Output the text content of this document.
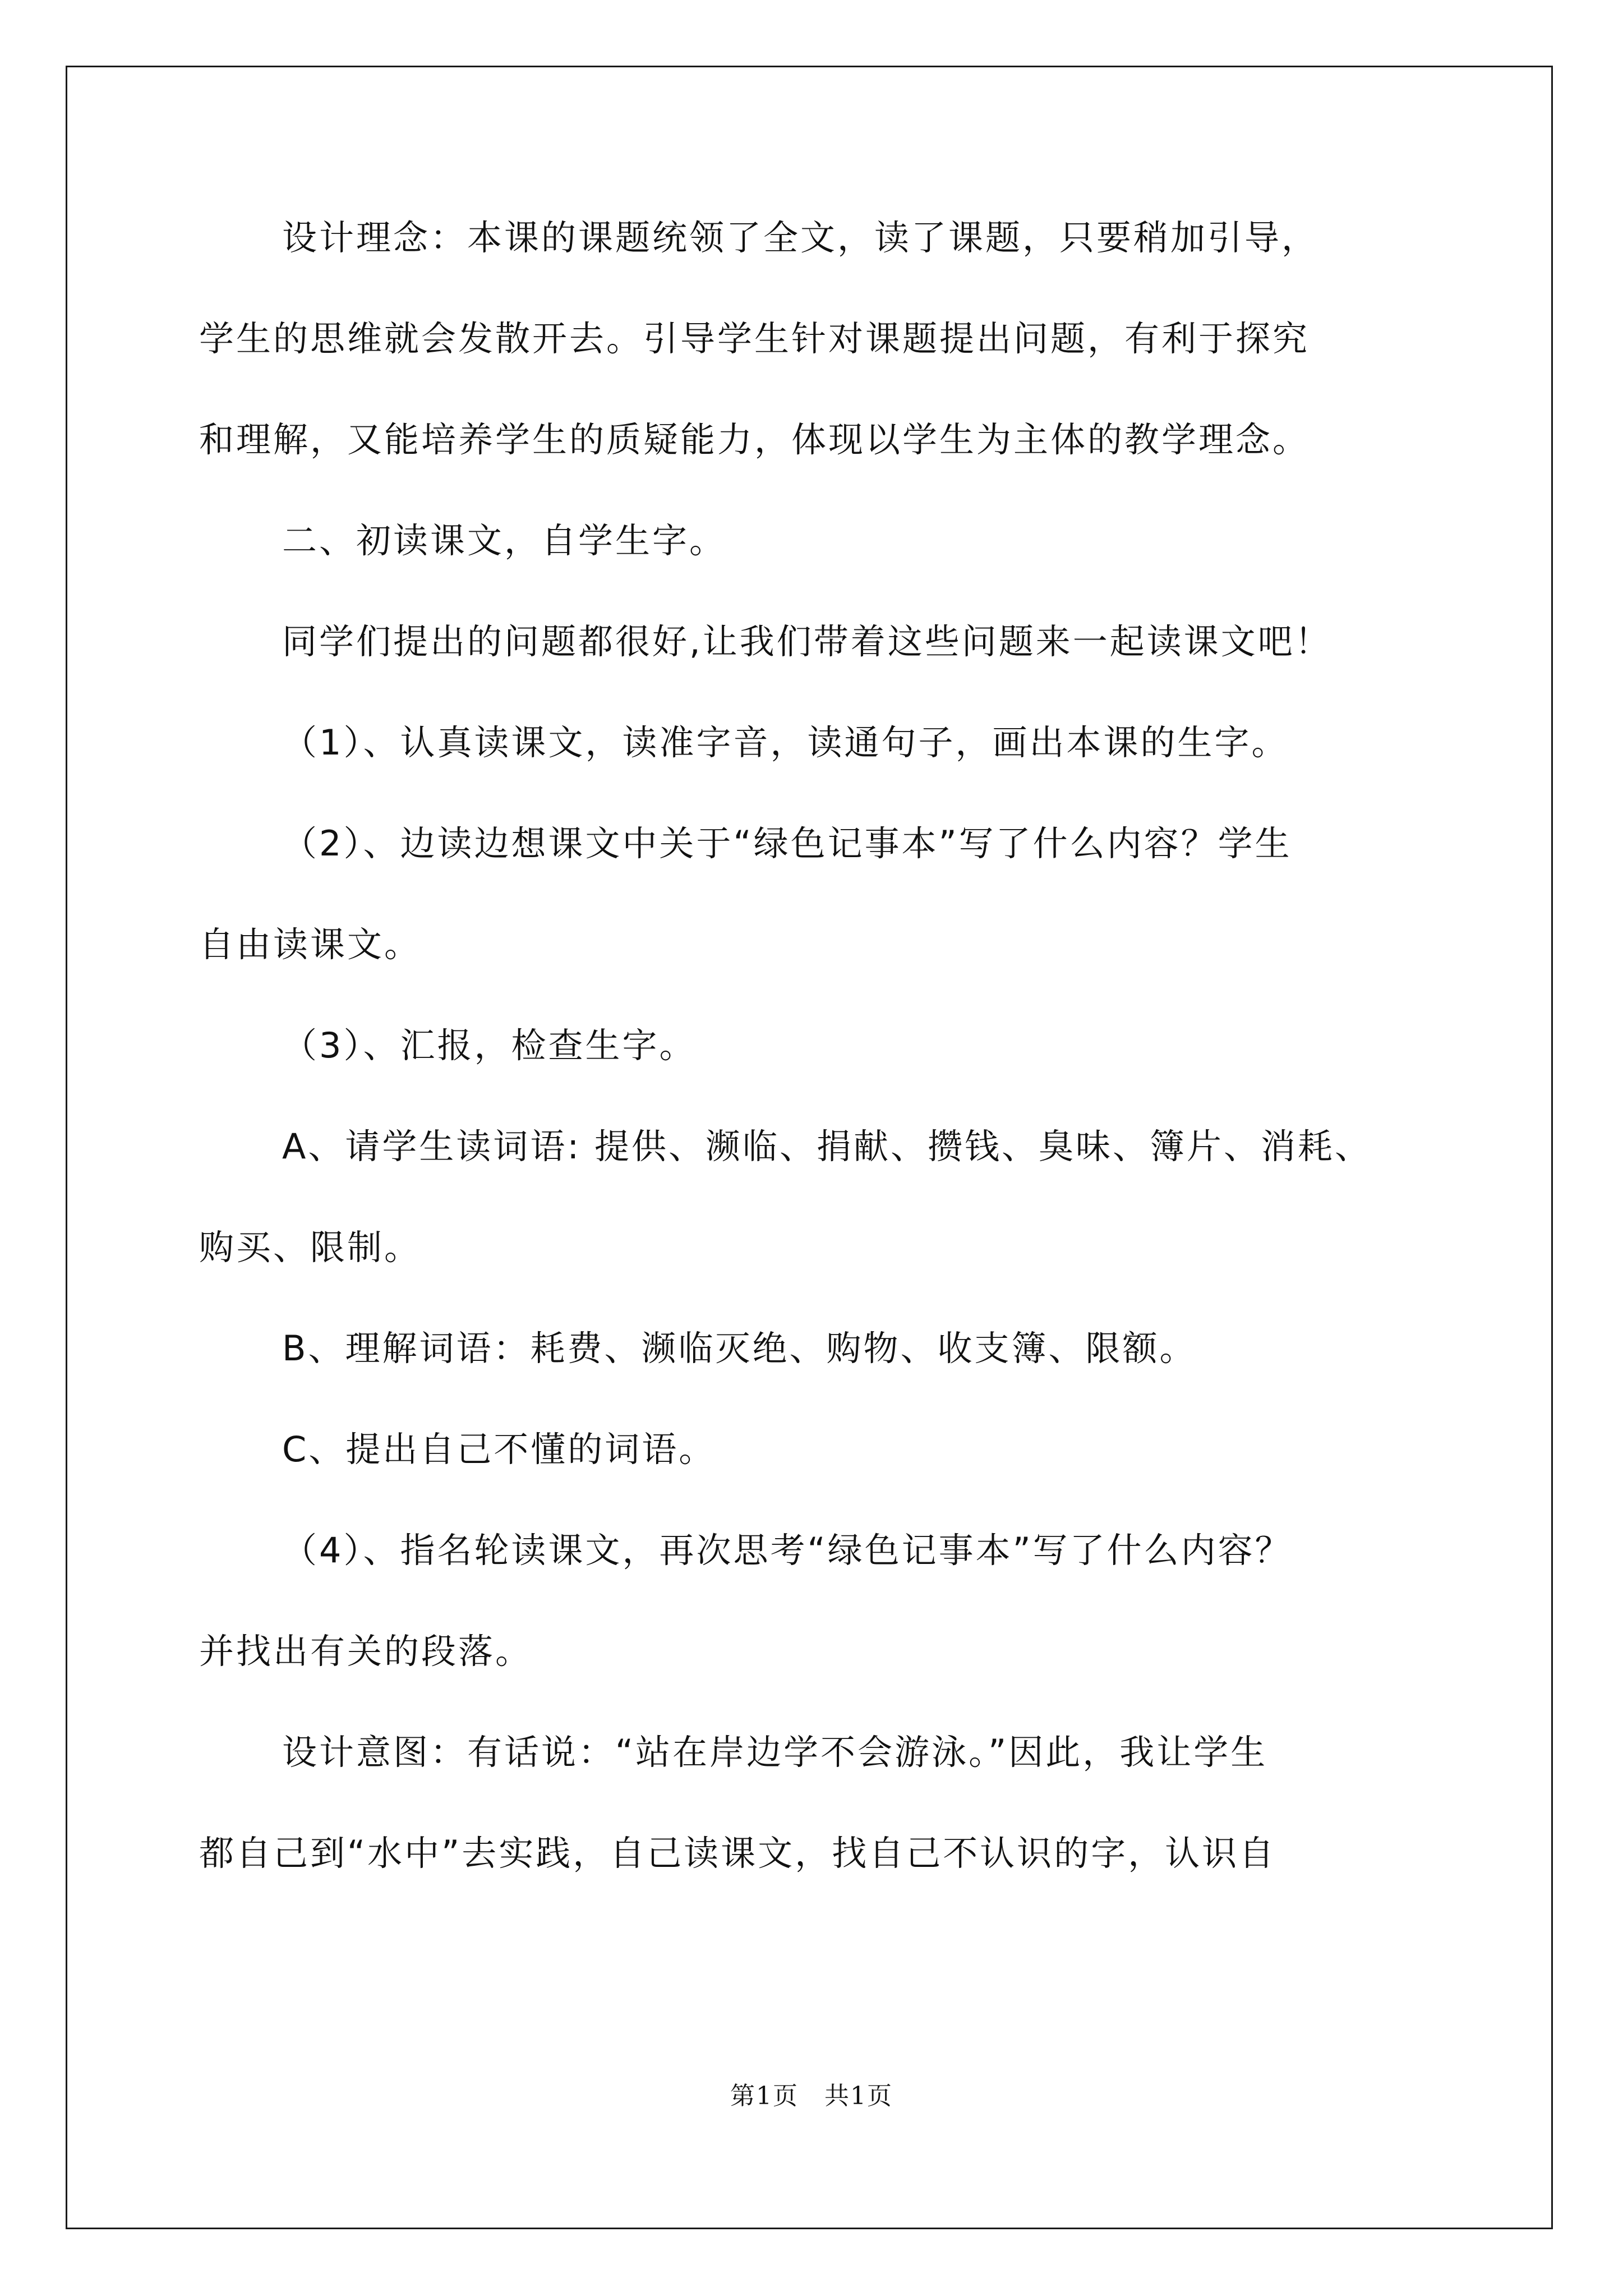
设计理念：本课的课题统领了全文，读了课题，只要稍加引导，
学生的思维就会发散开去。引导学生针对课题提出问题，有利于探究
和理解，又能培养学生的质疑能力，体现以学生为主体的教学理念。
二、初读课文，自学生字。
同学们提出的问题都很好,让我们带着这些问题来一起读课文吧！
（1）、认真读课文，读准字音，读通句子，画出本课的生字。
（2）、边读边想课文中关于“绿色记事本”写了什么内容？学生
自由读课文。
（3）、汇报，检查生字。
A、请学生读词语: 提供、濒临、捐献、攒钱、臭味、簿片、消耗、
购买、限制。
B、理解词语：耗费、濒临灭绝、购物、收支簿、限额。
C、提出自己不懂的词语。
（4）、指名轮读课文，再次思考“绿色记事本”写了什么内容？
并找出有关的段落。
设计意图：有话说：“站在岸边学不会游泳。”因此，我让学生
都自己到“水中”去实践，自己读课文，找自己不认识的字，认识自
第1页　共1页
